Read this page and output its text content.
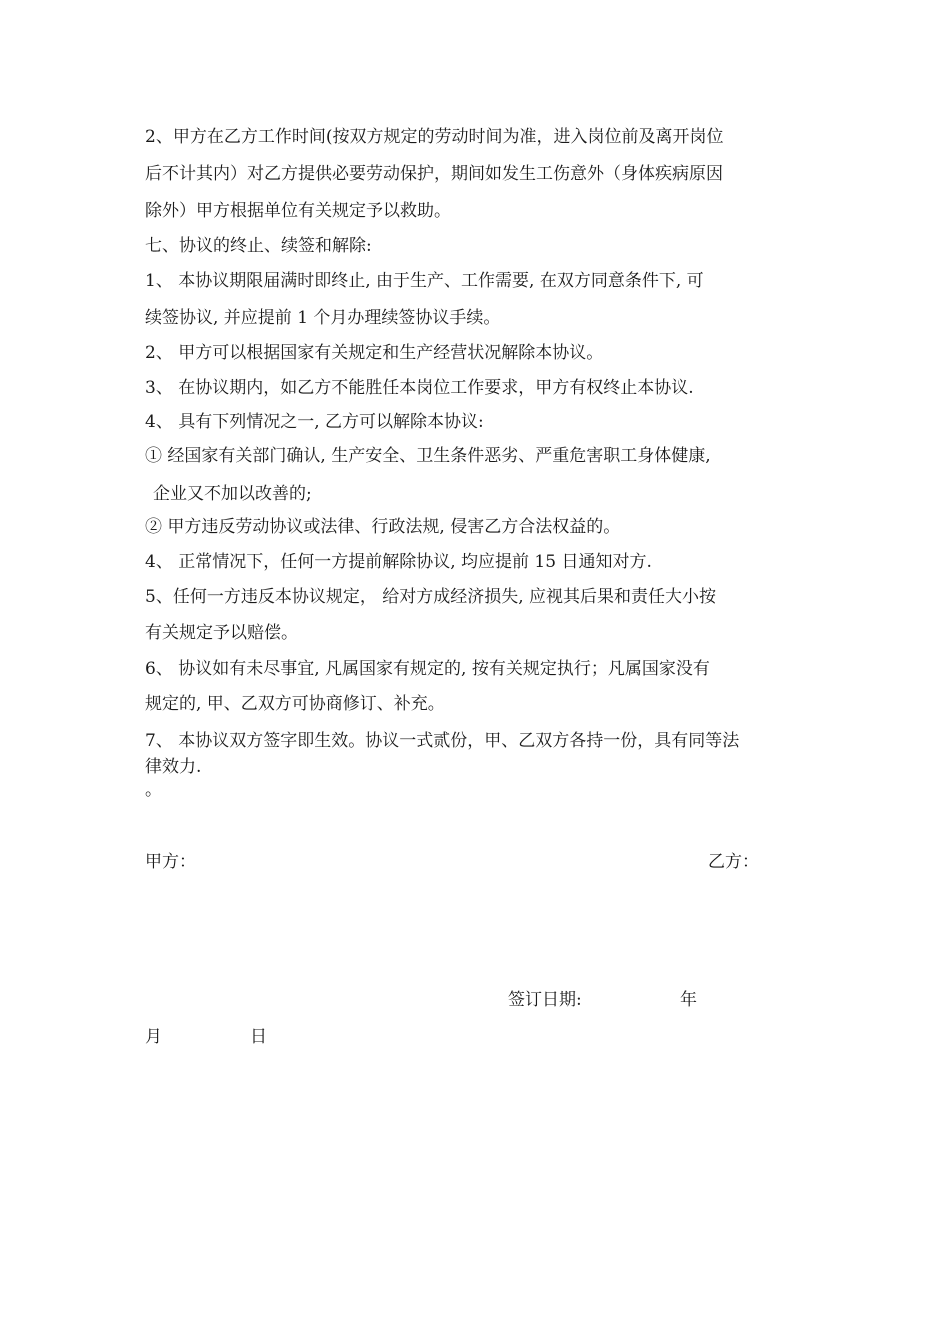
2、甲方在乙方工作时间(按双方规定的劳动时间为准，进入岗位前及离开岗位
后不计其内）对乙方提供必要劳动保护，期间如发生工伤意外（身体疾病原因
除外）甲方根据单位有关规定予以救助。
七、协议的终止、续签和解除:
1、 本协议期限届满时即终止, 由于生产、工作需要, 在双方同意条件下, 可
续签协议, 并应提前 1 个月办理续签协议手续。
2、 甲方可以根据国家有关规定和生产经营状况解除本协议。
3、 在协议期内，如乙方不能胜任本岗位工作要求，甲方有权终止本协议.
4、 具有下列情况之一, 乙方可以解除本协议:
① 经国家有关部门确认, 生产安全、卫生条件恶劣、严重危害职工身体健康,
企业又不加以改善的;
② 甲方违反劳动协议或法律、行政法规, 侵害乙方合法权益的。
4、 正常情况下，任何一方提前解除协议, 均应提前 15 日通知对方.
5、任何一方违反本协议规定， 给对方成经济损失, 应视其后果和责任大小按
有关规定予以赔偿。
6、 协议如有未尽事宜, 凡属国家有规定的, 按有关规定执行；凡属国家没有
规定的, 甲、乙双方可协商修订、补充。
7、 本协议双方签字即生效。协议一式贰份，甲、乙双方各持一份，具有同等法
律效力.
。
甲方：	乙方：
签订日期:	年
月	日
